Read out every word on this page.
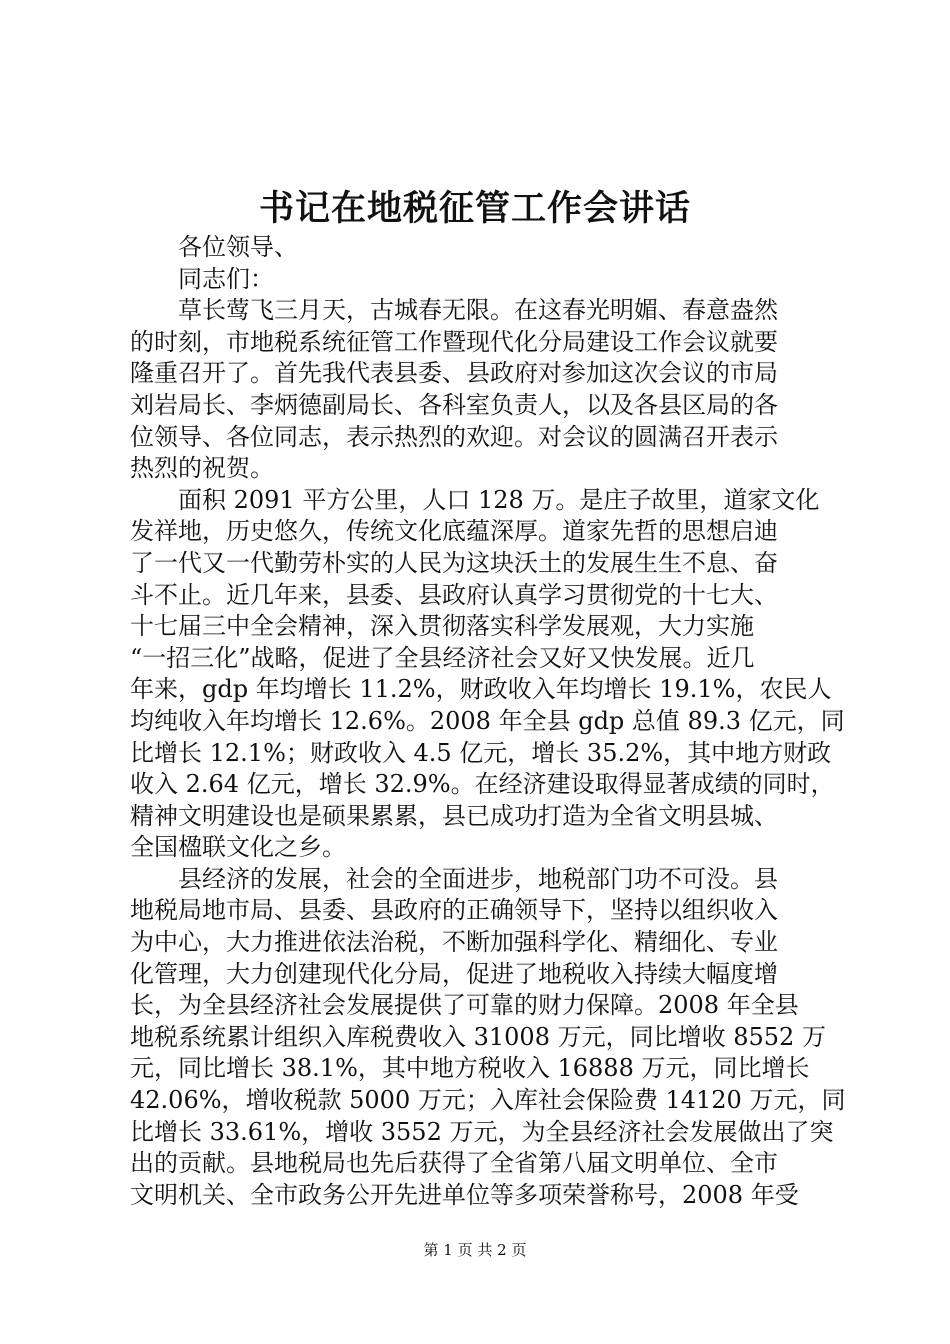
书记在地税征管工作会讲话
各位领导、
同志们：
草长莺飞三月天，古城春无限。在这春光明媚、春意盎然
的时刻，市地税系统征管工作暨现代化分局建设工作会议就要
隆重召开了。首先我代表县委、县政府对参加这次会议的市局
刘岩局长、李炳德副局长、各科室负责人，以及各县区局的各
位领导、各位同志，表示热烈的欢迎。对会议的圆满召开表示
热烈的祝贺。
面积 2091 平方公里，人口 128 万。是庄子故里，道家文化
发祥地，历史悠久，传统文化底蕴深厚。道家先哲的思想启迪
了一代又一代勤劳朴实的人民为这块沃土的发展生生不息、奋
斗不止。近几年来，县委、县政府认真学习贯彻党的十七大、
十七届三中全会精神，深入贯彻落实科学发展观，大力实施
“一招三化”战略，促进了全县经济社会又好又快发展。近几
年来，gdp 年均增长 11.2%，财政收入年均增长 19.1%，农民人
均纯收入年均增长 12.6%。2008 年全县 gdp 总值 89.3 亿元，同
比增长 12.1%；财政收入 4.5 亿元，增长 35.2%，其中地方财政
收入 2.64 亿元，增长 32.9%。在经济建设取得显著成绩的同时，
精神文明建设也是硕果累累，县已成功打造为全省文明县城、
全国楹联文化之乡。
县经济的发展，社会的全面进步，地税部门功不可没。县
地税局地市局、县委、县政府的正确领导下，坚持以组织收入
为中心，大力推进依法治税，不断加强科学化、精细化、专业
化管理，大力创建现代化分局，促进了地税收入持续大幅度增
长，为全县经济社会发展提供了可靠的财力保障。2008 年全县
地税系统累计组织入库税费收入 31008 万元，同比增收 8552 万
元，同比增长 38.1%，其中地方税收入 16888 万元，同比增长
42.06%，增收税款 5000 万元；入库社会保险费 14120 万元，同
比增长 33.61%，增收 3552 万元，为全县经济社会发展做出了突
出的贡献。县地税局也先后获得了全省第八届文明单位、全市
文明机关、全市政务公开先进单位等多项荣誉称号，2008 年受
第 1 页 共 2 页
